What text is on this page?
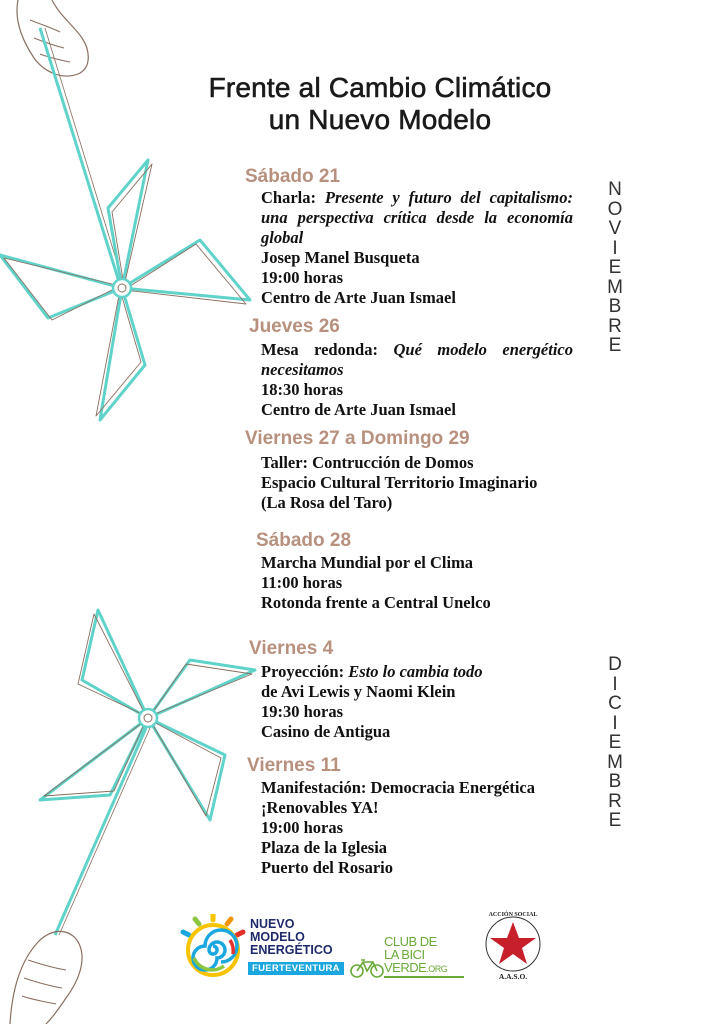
Frente al Cambio Climático
un Nuevo Modelo
Sábado 21
Charla: Presente y futuro del capitalismo: una perspectiva crítica desde la economía global
Josep Manel Busqueta
19:00 horas
Centro de Arte Juan Ismael
Jueves 26
Mesa redonda: Qué modelo energético necesitamos
18:30 horas
Centro de Arte Juan Ismael
Viernes 27 a Domingo 29
Taller: Contrucción de Domos
Espacio Cultural Territorio Imaginario
(La Rosa del Taro)
Sábado 28
Marcha Mundial por el Clima
11:00 horas
Rotonda frente a Central Unelco
Viernes 4
Proyección: Esto lo cambia todo
de Avi Lewis y Naomi Klein
19:30 horas
Casino de Antigua
Viernes 11
Manifestación: Democracia Energética
¡Renovables YA!
19:00 horas
Plaza de la Iglesia
Puerto del Rosario
N
O
V
I
E
M
B
R
E
D
I
C
I
E
M
B
R
E
NUEVO
MODELO
ENERGÉTICO
FUERTEVENTURA
CLUB DE
LA BICI
VERDE.ORG
ACCIÓN SOCIAL
A.A.S.O.
